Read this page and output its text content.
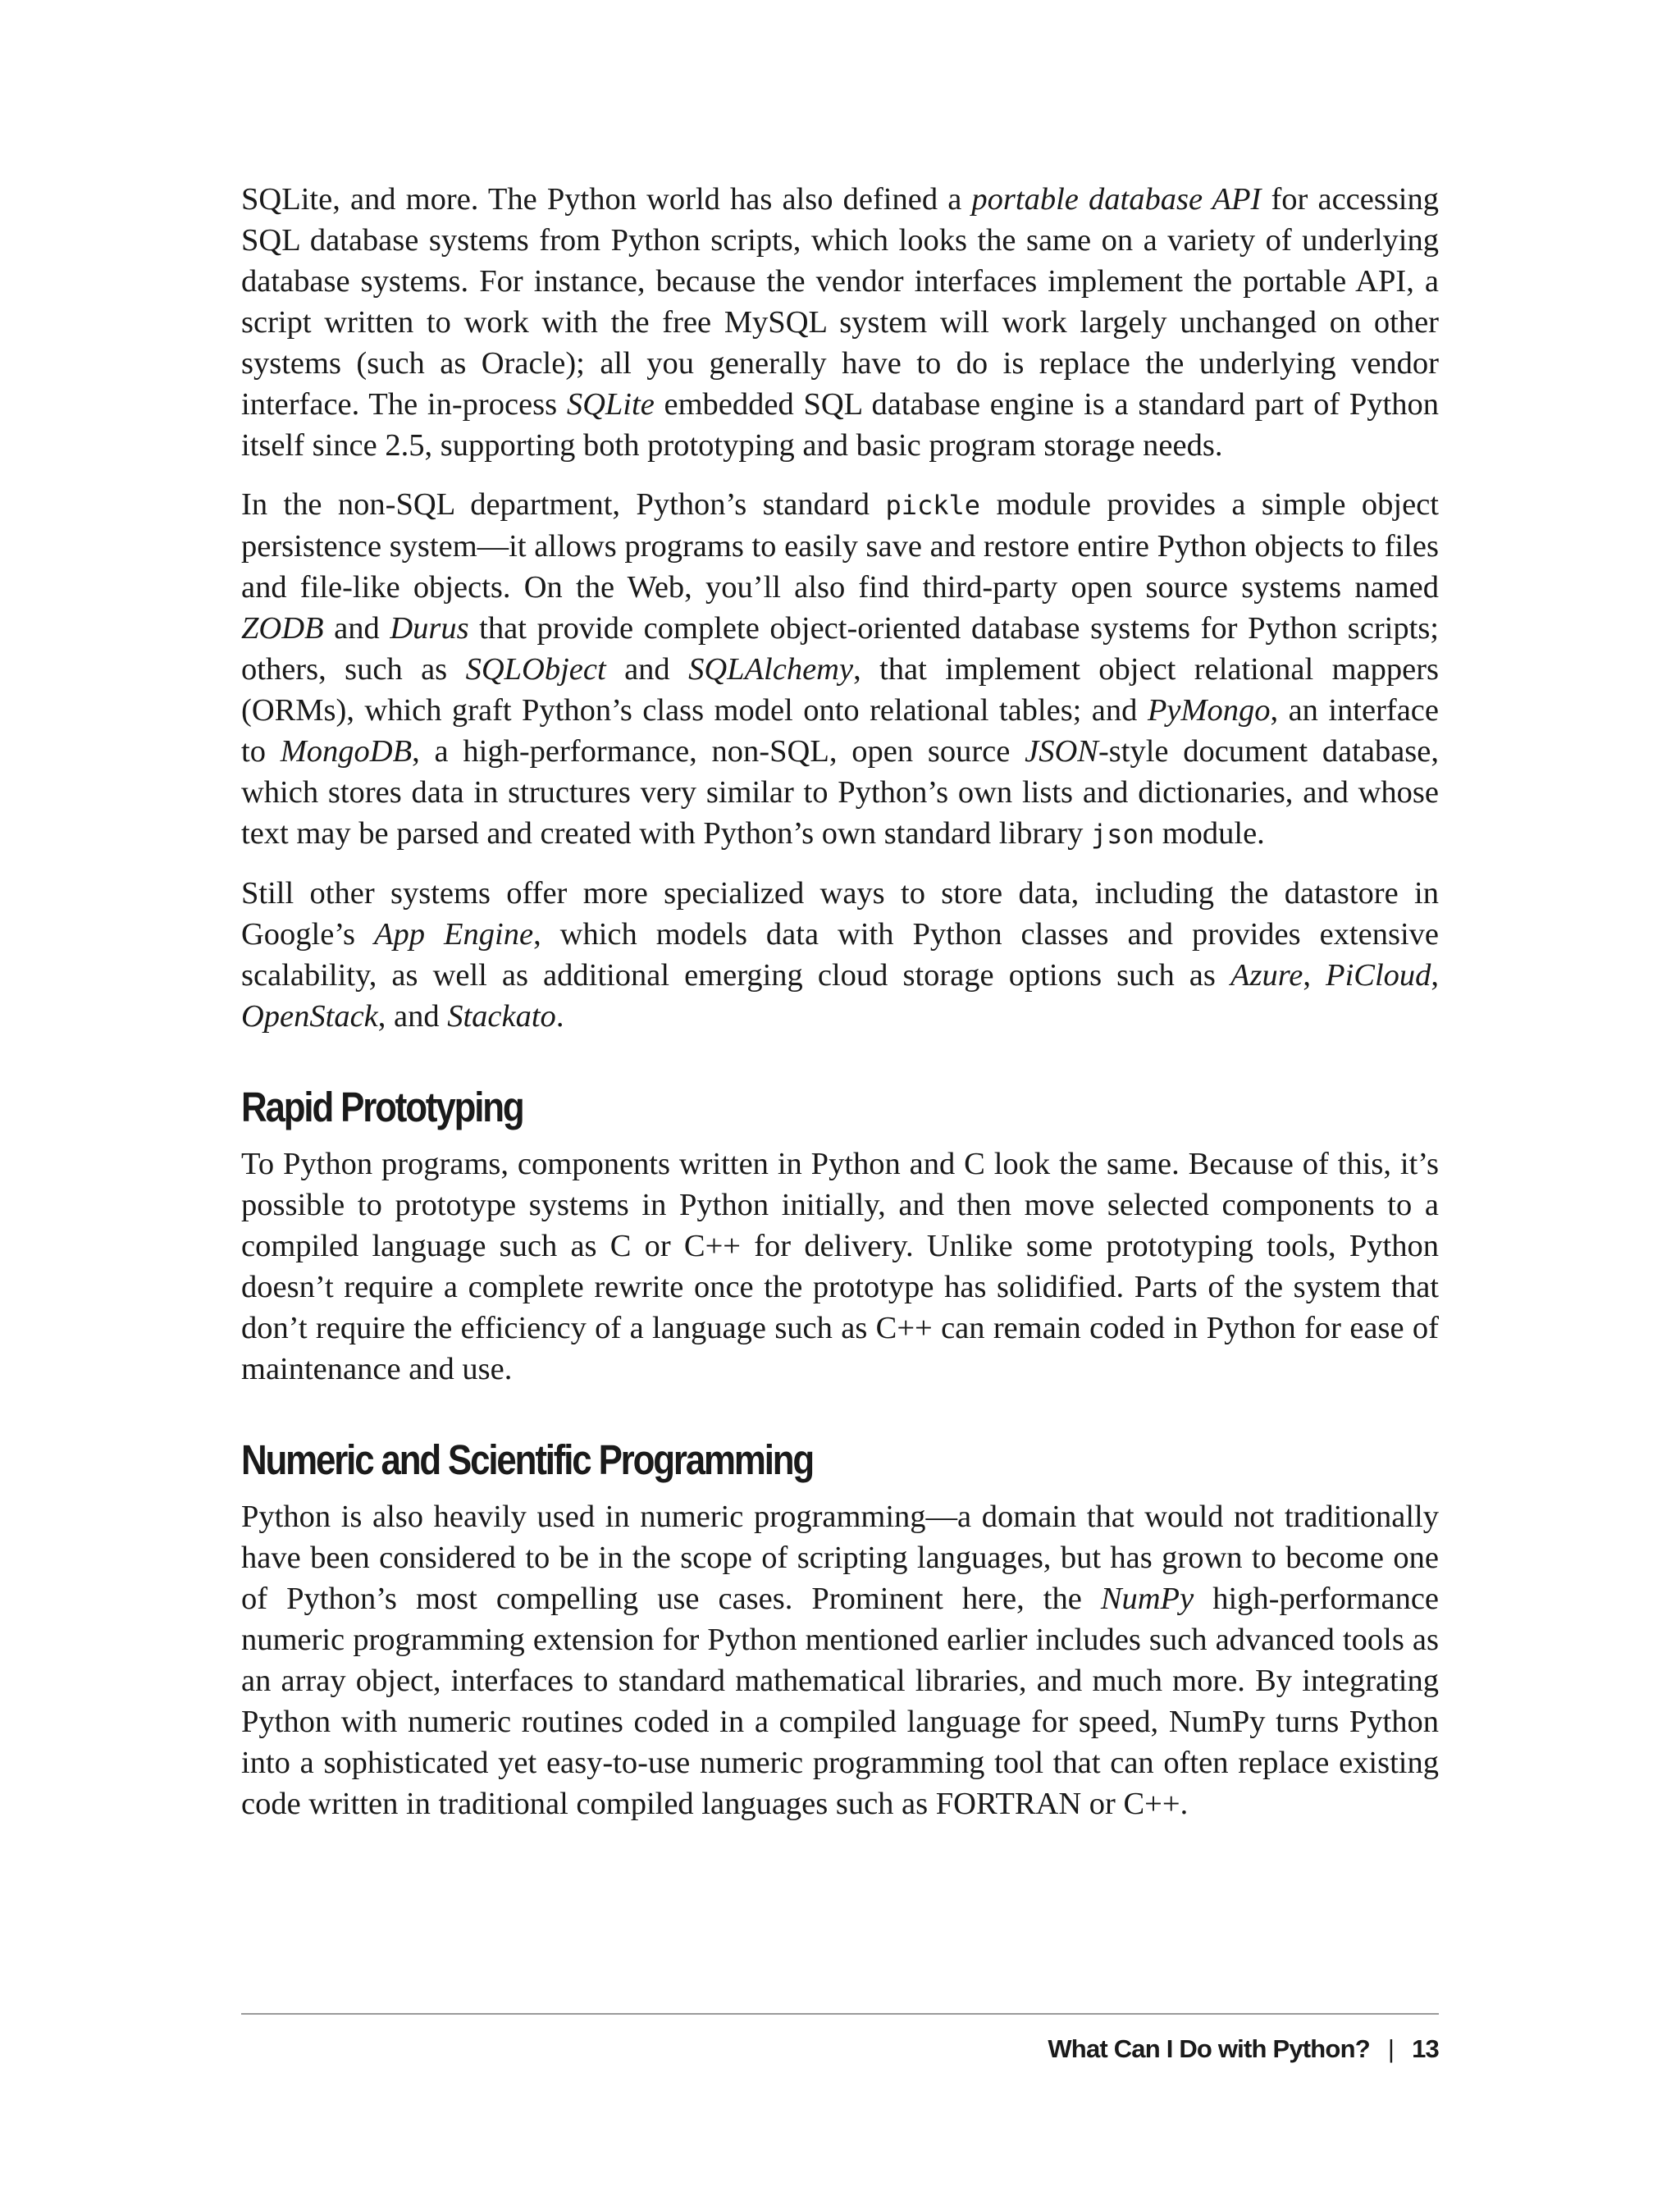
SQLite, and more. The Python world has also defined a portable database API for accessing SQL database systems from Python scripts, which looks the same on a variety of underlying database systems. For instance, because the vendor interfaces implement the portable API, a script written to work with the free MySQL system will work largely unchanged on other systems (such as Oracle); all you generally have to do is replace the underlying vendor interface. The in-process SQLite embedded SQL database engine is a standard part of Python itself since 2.5, supporting both prototyping and basic program storage needs.

In the non-SQL department, Python’s standard pickle module provides a simple object persistence system—it allows programs to easily save and restore entire Python objects to files and file-like objects. On the Web, you’ll also find third-party open source systems named ZODB and Durus that provide complete object-oriented database systems for Python scripts; others, such as SQLObject and SQLAlchemy, that implement object relational mappers (ORMs), which graft Python’s class model onto relational tables; and PyMongo, an interface to MongoDB, a high-performance, non-SQL, open source JSON-style document database, which stores data in structures very similar to Python’s own lists and dictionaries, and whose text may be parsed and created with Python’s own standard library json module.

Still other systems offer more specialized ways to store data, including the datastore in Google’s App Engine, which models data with Python classes and provides extensive scalability, as well as additional emerging cloud storage options such as Azure, PiCloud, OpenStack, and Stackato.

Rapid Prototyping

To Python programs, components written in Python and C look the same. Because of this, it’s possible to prototype systems in Python initially, and then move selected components to a compiled language such as C or C++ for delivery. Unlike some prototyping tools, Python doesn’t require a complete rewrite once the prototype has solidified. Parts of the system that don’t require the efficiency of a language such as C++ can remain coded in Python for ease of maintenance and use.

Numeric and Scientific Programming

Python is also heavily used in numeric programming—a domain that would not traditionally have been considered to be in the scope of scripting languages, but has grown to become one of Python’s most compelling use cases. Prominent here, the NumPy high-performance numeric programming extension for Python mentioned earlier includes such advanced tools as an array object, interfaces to standard mathematical libraries, and much more. By integrating Python with numeric routines coded in a compiled language for speed, NumPy turns Python into a sophisticated yet easy-to-use numeric programming tool that can often replace existing code written in traditional compiled languages such as FORTRAN or C++.

What Can I Do with Python? | 13
